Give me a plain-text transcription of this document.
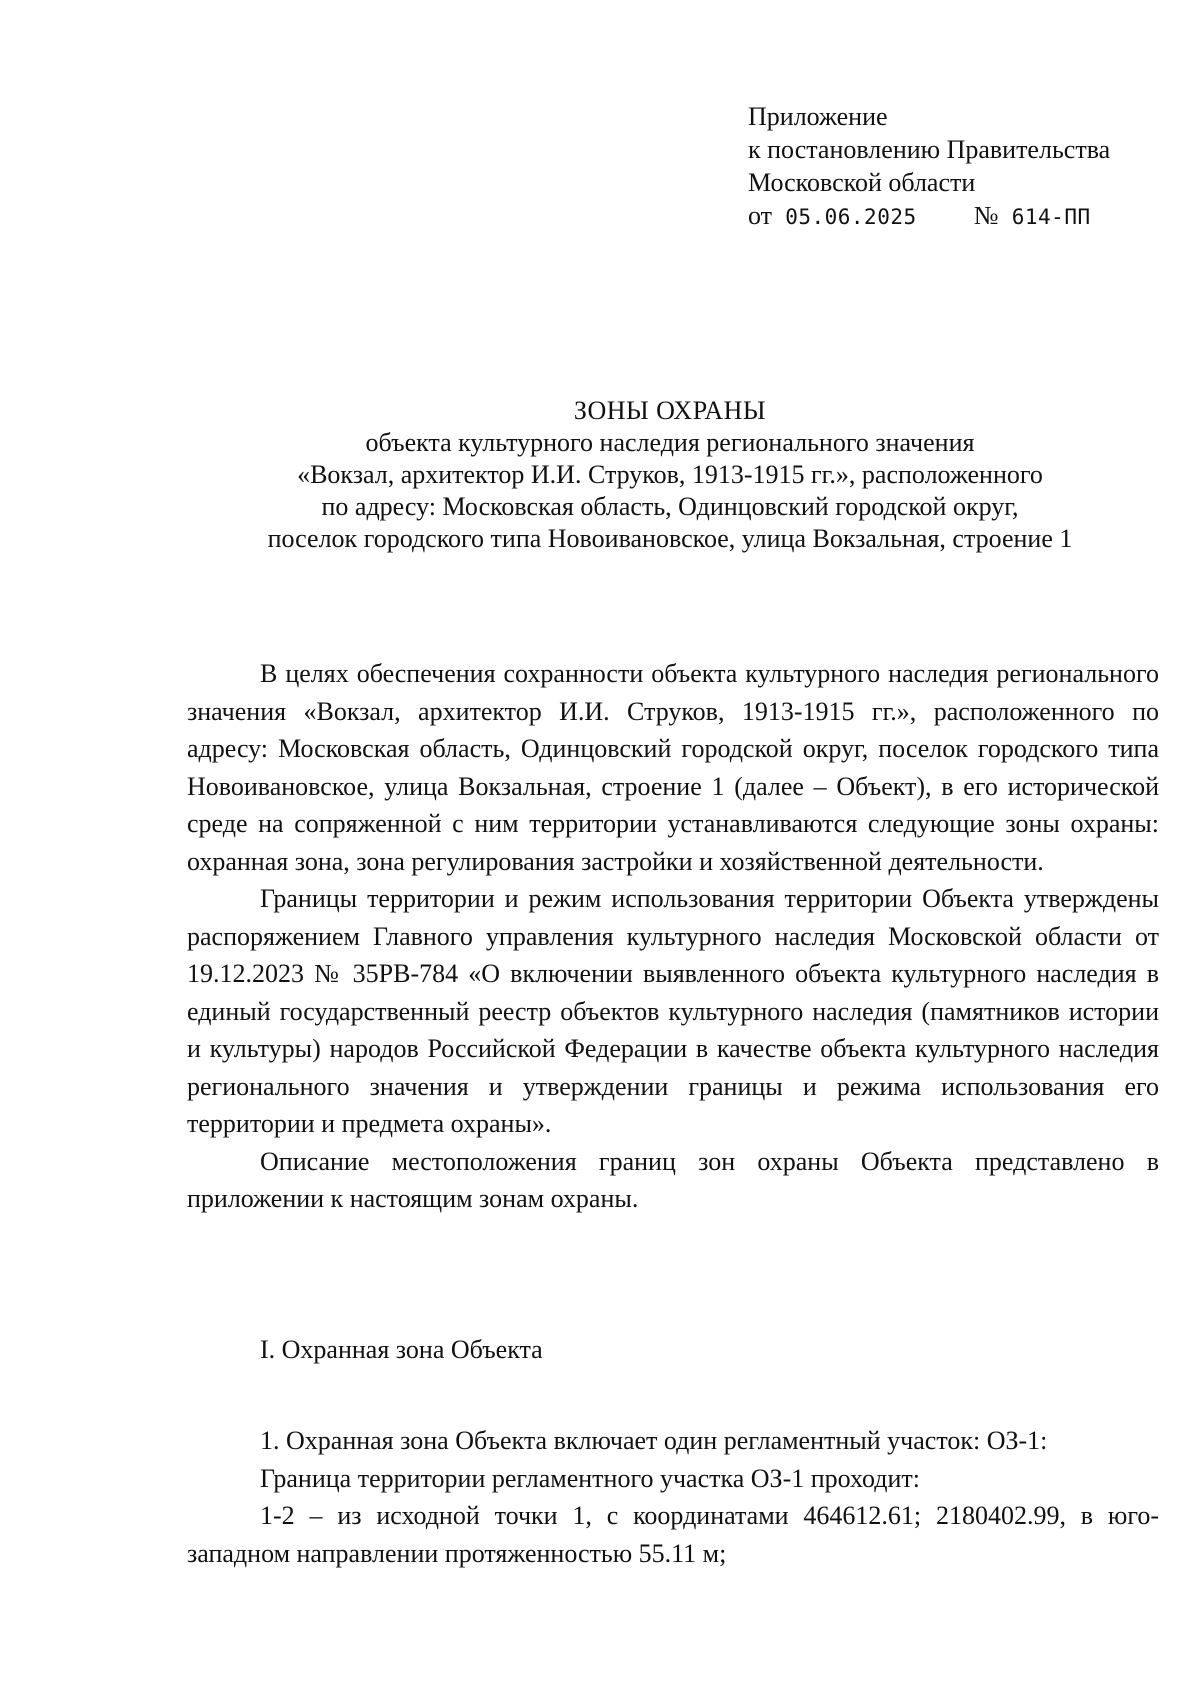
Приложение
к постановлению Правительства
Московской области
от 05.06.2025 № 614-ПП
ЗОНЫ ОХРАНЫ
объекта культурного наследия регионального значения
«Вокзал, архитектор И.И. Струков, 1913-1915 гг.», расположенного
по адресу: Московская область, Одинцовский городской округ,
поселок городского типа Новоивановское, улица Вокзальная, строение 1

В целях обеспечения сохранности объекта культурного наследия регионального значения «Вокзал, архитектор И.И. Струков, 1913-1915 гг.», расположенного по адресу: Московская область, Одинцовский городской округ, поселок городского типа Новоивановское, улица Вокзальная, строение 1 (далее – Объект), в его исторической среде на сопряженной с ним территории устанавливаются следующие зоны охраны: охранная зона, зона регулирования застройки и хозяйственной деятельности.

Границы территории и режим использования территории Объекта утверждены распоряжением Главного управления культурного наследия Московской области от 19.12.2023 № 35РВ-784 «О включении выявленного объекта культурного наследия в единый государственный реестр объектов культурного наследия (памятников истории и культуры) народов Российской Федерации в качестве объекта культурного наследия регионального значения и утверждении границы и режима использования его территории и предмета охраны».

Описание местоположения границ зон охраны Объекта представлено в приложении к настоящим зонам охраны.

I. Охранная зона Объекта
1. Охранная зона Объекта включает один регламентный участок: ОЗ-1:
Граница территории регламентного участка ОЗ-1 проходит:
1-2 – из исходной точки 1, с координатами 464612.61; 2180402.99, в юго-западном направлении протяженностью 55.11 м;
